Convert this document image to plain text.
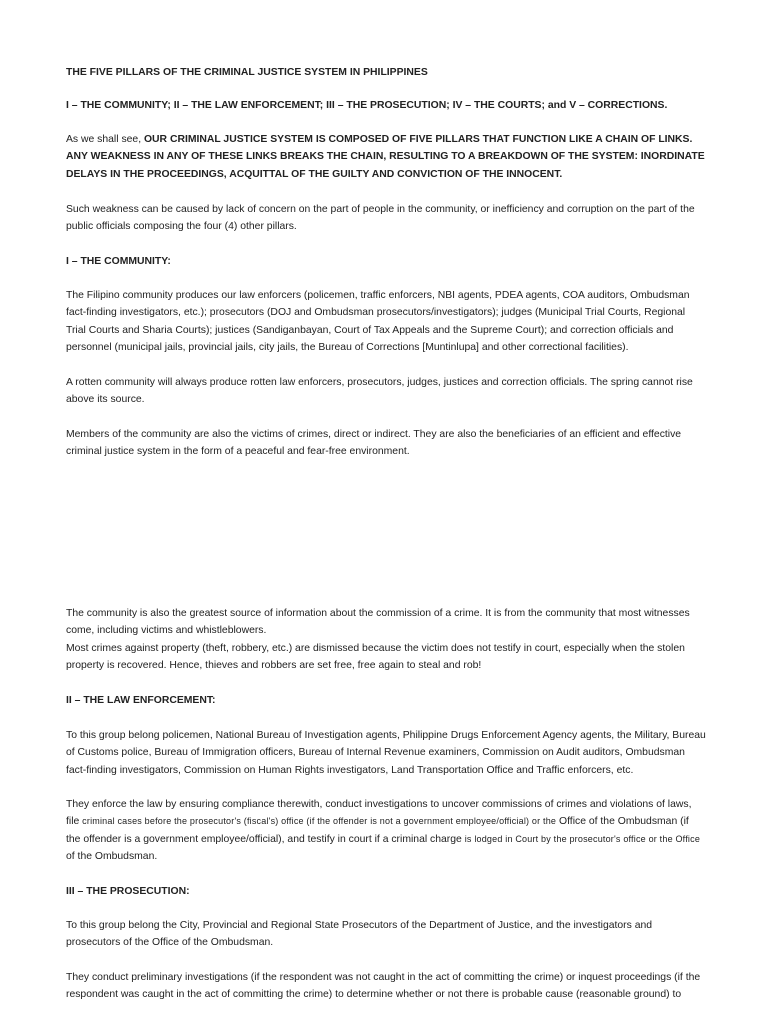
THE FIVE PILLARS OF THE CRIMINAL JUSTICE SYSTEM IN PHILIPPINES

I – THE COMMUNITY; II – THE LAW ENFORCEMENT; III – THE PROSECUTION; IV – THE COURTS; and V – CORRECTIONS.

As we shall see, OUR CRIMINAL JUSTICE SYSTEM IS COMPOSED OF FIVE PILLARS THAT FUNCTION LIKE A CHAIN OF LINKS. ANY WEAKNESS IN ANY OF THESE LINKS BREAKS THE CHAIN, RESULTING TO A BREAKDOWN OF THE SYSTEM: INORDINATE DELAYS IN THE PROCEEDINGS, ACQUITTAL OF THE GUILTY AND CONVICTION OF THE INNOCENT.

Such weakness can be caused by lack of concern on the part of people in the community, or inefficiency and corruption on the part of the public officials composing the four (4) other pillars.

I – THE COMMUNITY:

The Filipino community produces our law enforcers (policemen, traffic enforcers, NBI agents, PDEA agents, COA auditors, Ombudsman fact-finding investigators, etc.); prosecutors (DOJ and Ombudsman prosecutors/investigators); judges (Municipal Trial Courts, Regional Trial Courts and Sharia Courts); justices (Sandiganbayan, Court of Tax Appeals and the Supreme Court); and correction officials and personnel (municipal jails, provincial jails, city jails, the Bureau of Corrections [Muntinlupa] and other correctional facilities).

A rotten community will always produce rotten law enforcers, prosecutors, judges, justices and correction officials. The spring cannot rise above its source.

Members of the community are also the victims of crimes, direct or indirect. They are also the beneficiaries of an efficient and effective criminal justice system in the form of a peaceful and fear-free environment.

The community is also the greatest source of information about the commission of a crime. It is from the community that most witnesses come, including victims and whistleblowers.
Most crimes against property (theft, robbery, etc.) are dismissed because the victim does not testify in court, especially when the stolen property is recovered. Hence, thieves and robbers are set free, free again to steal and rob!

II – THE LAW ENFORCEMENT:

To this group belong policemen, National Bureau of Investigation agents, Philippine Drugs Enforcement Agency agents, the Military, Bureau of Customs police, Bureau of Immigration officers, Bureau of Internal Revenue examiners, Commission on Audit auditors, Ombudsman fact-finding investigators, Commission on Human Rights investigators, Land Transportation Office and Traffic enforcers, etc.

They enforce the law by ensuring compliance therewith, conduct investigations to uncover commissions of crimes and violations of laws, file criminal cases before the prosecutor's (fiscal's) office (if the offender is not a government employee/official) or the Office of the Ombudsman (if the offender is a government employee/official), and testify in court if a criminal charge is lodged in Court by the prosecutor's office or the Office of the Ombudsman.

III – THE PROSECUTION:

To this group belong the City, Provincial and Regional State Prosecutors of the Department of Justice, and the investigators and prosecutors of the Office of the Ombudsman.

They conduct preliminary investigations (if the respondent was not caught in the act of committing the crime) or inquest proceedings (if the respondent was caught in the act of committing the crime) to determine whether or not there is probable cause (reasonable ground) to
